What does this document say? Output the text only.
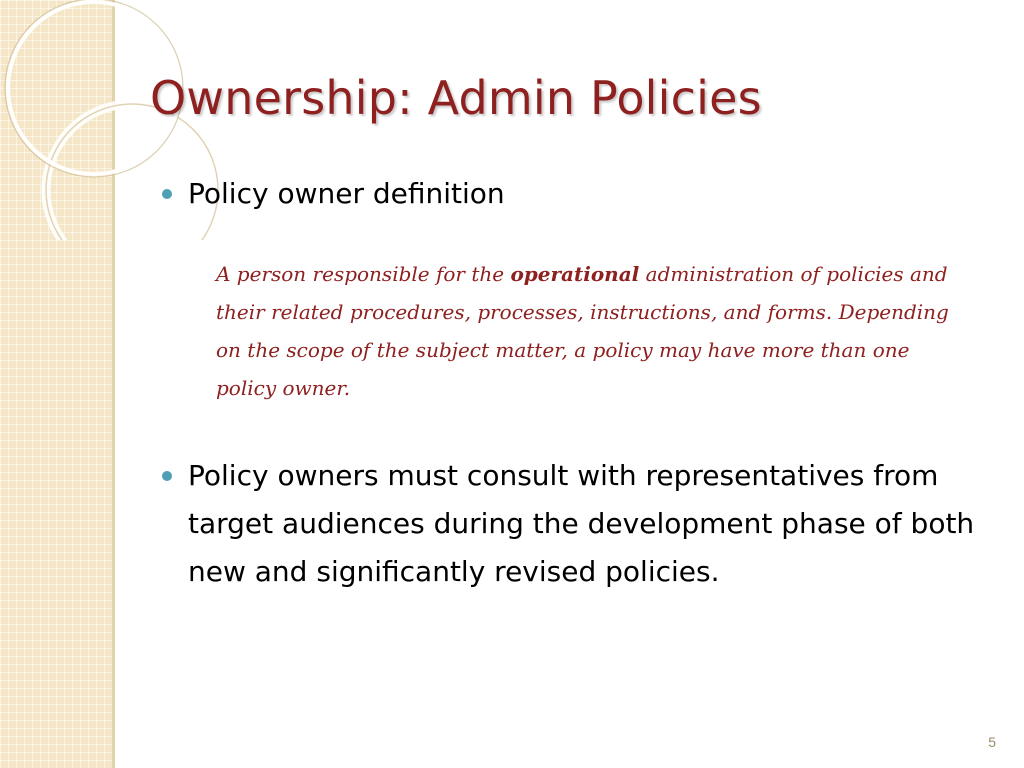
Ownership: Admin Policies
Policy owner definition

A person responsible for the operational administration of policies and their related procedures, processes, instructions, and forms. Depending on the scope of the subject matter, a policy may have more than one policy owner.

Policy owners must consult with representatives from target audiences during the development phase of both new and significantly revised policies.
5
